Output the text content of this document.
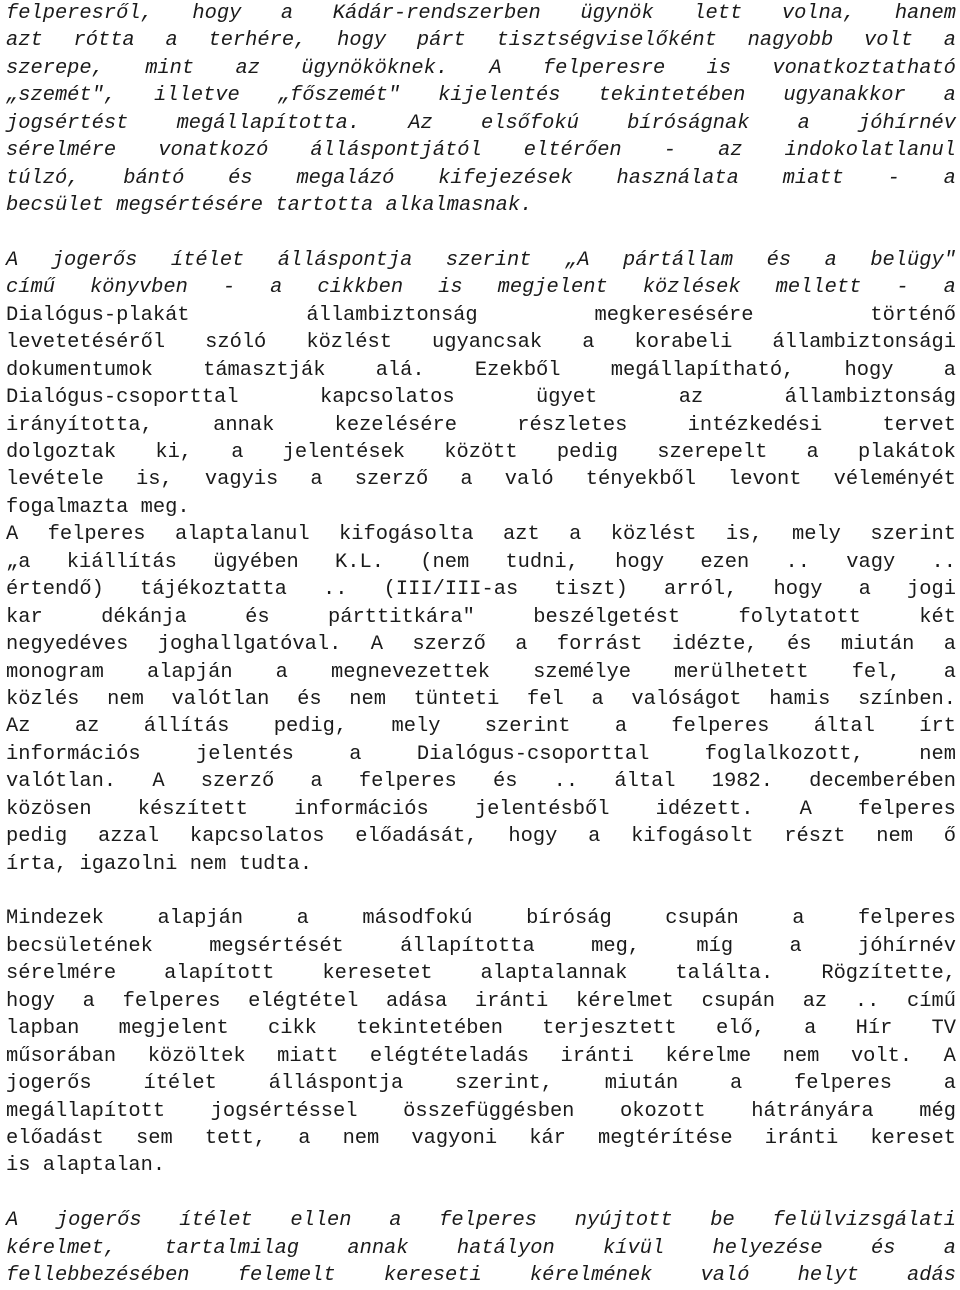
felperesről, hogy a Kádár-rendszerben ügynök lett volna, hanem
azt rótta a terhére, hogy párt tisztségviselőként nagyobb volt a
szerepe, mint az ügynököknek. A felperesre is vonatkoztatható
„szemét", illetve „főszemét" kijelentés tekintetében ugyanakkor a
jogsértést megállapította. Az elsőfokú bíróságnak a jóhírnév
sérelmére vonatkozó álláspontjától eltérően - az indokolatlanul
túlzó, bántó és megalázó kifejezések használata miatt - a
becsület megsértésére tartotta alkalmasnak.
A jogerős ítélet álláspontja szerint „A pártállam és a belügy"
című könyvben - a cikkben is megjelent közlések mellett - a
Dialógus-plakát	állambiztonság	megkeresésére	történő
levetetéséről szóló közlést ugyancsak a korabeli állambiztonsági
dokumentumok támasztják alá. Ezekből megállapítható, hogy a
Dialógus-csoporttal	kapcsolatos	ügyet	az	állambiztonság
irányította,	annak	kezelésére	részletes	intézkedési	tervet
dolgoztak ki, a jelentések között pedig szerepelt a plakátok
levétele is, vagyis a szerző a való tényekből levont véleményét
fogalmazta meg.
A felperes alaptalanul kifogásolta azt a közlést is, mely szerint
„a kiállítás ügyében K.L. (nem tudni, hogy ezen .. vagy ..
értendő) tájékoztatta .. (III/III-as tiszt) arról, hogy a jogi
kar	dékánja	és	párttitkára"	beszélgetést	folytatott	két
negyedéves joghallgatóval. A szerző a forrást idézte, és miután a
monogram alapján a megnevezettek személye merülhetett fel, a
közlés nem valótlan és nem tünteti fel a valóságot hamis színben.
Az az állítás pedig, mely szerint a felperes által írt
információs	jelentés	a	Dialógus-csoporttal	foglalkozott,	nem
valótlan. A szerző a felperes és .. által 1982. decemberében
közösen készített információs jelentésből idézett. A felperes
pedig azzal kapcsolatos előadását, hogy a kifogásolt részt nem ő
írta, igazolni nem tudta.
Mindezek	alapján	a	másodfokú	bíróság	csupán	a	felperes
becsületének	megsértését	állapította	meg,	míg	a	jóhírnév
sérelmére alapított keresetet alaptalannak találta. Rögzítette,
hogy a felperes elégtétel adása iránti kérelmet csupán az .. című
lapban megjelent cikk tekintetében terjesztett elő, a Hír TV
műsorában közöltek miatt elégtételadás iránti kérelme nem volt. A
jogerős	ítélet	álláspontja	szerint,	miután	a	felperes	a
megállapított jogsértéssel összefüggésben okozott hátrányára még
előadást sem tett, a nem vagyoni kár megtérítése iránti kereset
is alaptalan.
A jogerős ítélet ellen a felperes nyújtott be felülvizsgálati
kérelmet, tartalmilag annak hatályon kívül helyezése és a
fellebbezésében felemelt kereseti kérelmének való helyt adás
